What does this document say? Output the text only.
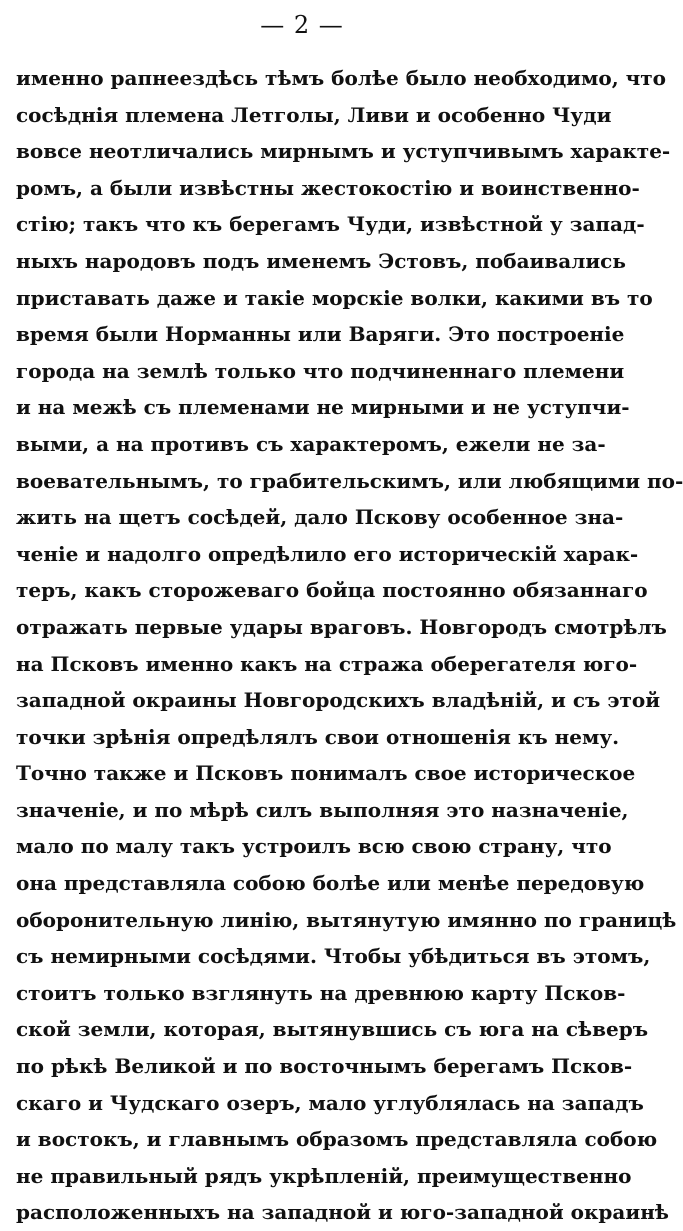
— 2 —
именно рапнеездѣсь тѣмъ болѣе было необходимо, что
сосѣднія племена Летголы, Ливи и особенно Чуди
вовсе неотличались мирнымъ и уступчивымъ характе-
ромъ, а были извѣстны жестокостію и воинственно-
стію; такъ что къ берегамъ Чуди, извѣстной у запад-
ныхъ народовъ подъ именемъ Эстовъ, побаивались
приставать даже и такіе морскіе волки, какими въ то
время были Норманны или Варяги. Это построеніе
города на землѣ только что подчиненнаго племени
и на межѣ съ племенами не мирными и не уступчи-
выми, а на противъ съ характеромъ, ежели не за-
воевательнымъ, то грабительскимъ, или любящими по-
жить на щетъ сосѣдей, дало Пскову особенное зна-
ченіе и надолго опредѣлило его историческій харак-
теръ, какъ сторожеваго бойца постоянно обязаннаго
отражать первые удары враговъ. Новгородъ смотрѣлъ
на Псковъ именно какъ на стража оберегателя юго-
западной окраины Новгородскихъ владѣній, и съ этой
точки зрѣнія опредѣлялъ свои отношенія къ нему.
Точно также и Псковъ понималъ свое историческое
значеніе, и по мѣрѣ силъ выполняя это назначеніе,
мало по малу такъ устроилъ всю свою страну, что
она представляла собою болѣе или менѣе передовую
оборонительную линію, вытянутую имянно по границѣ
съ немирными сосѣдями. Чтобы убѣдиться въ этомъ,
стоитъ только взглянуть на древнюю карту Псков-
ской земли, которая, вытянувшись съ юга на сѣверъ
по рѣкѣ Великой и по восточнымъ берегамъ Псков-
скаго и Чудскаго озеръ, мало углублялась на западъ
и востокъ, и главнымъ образомъ представляла собою
не правильный рядъ укрѣпленій, преимущественно
расположенныхъ на западной и юго-западной окраинѣ
